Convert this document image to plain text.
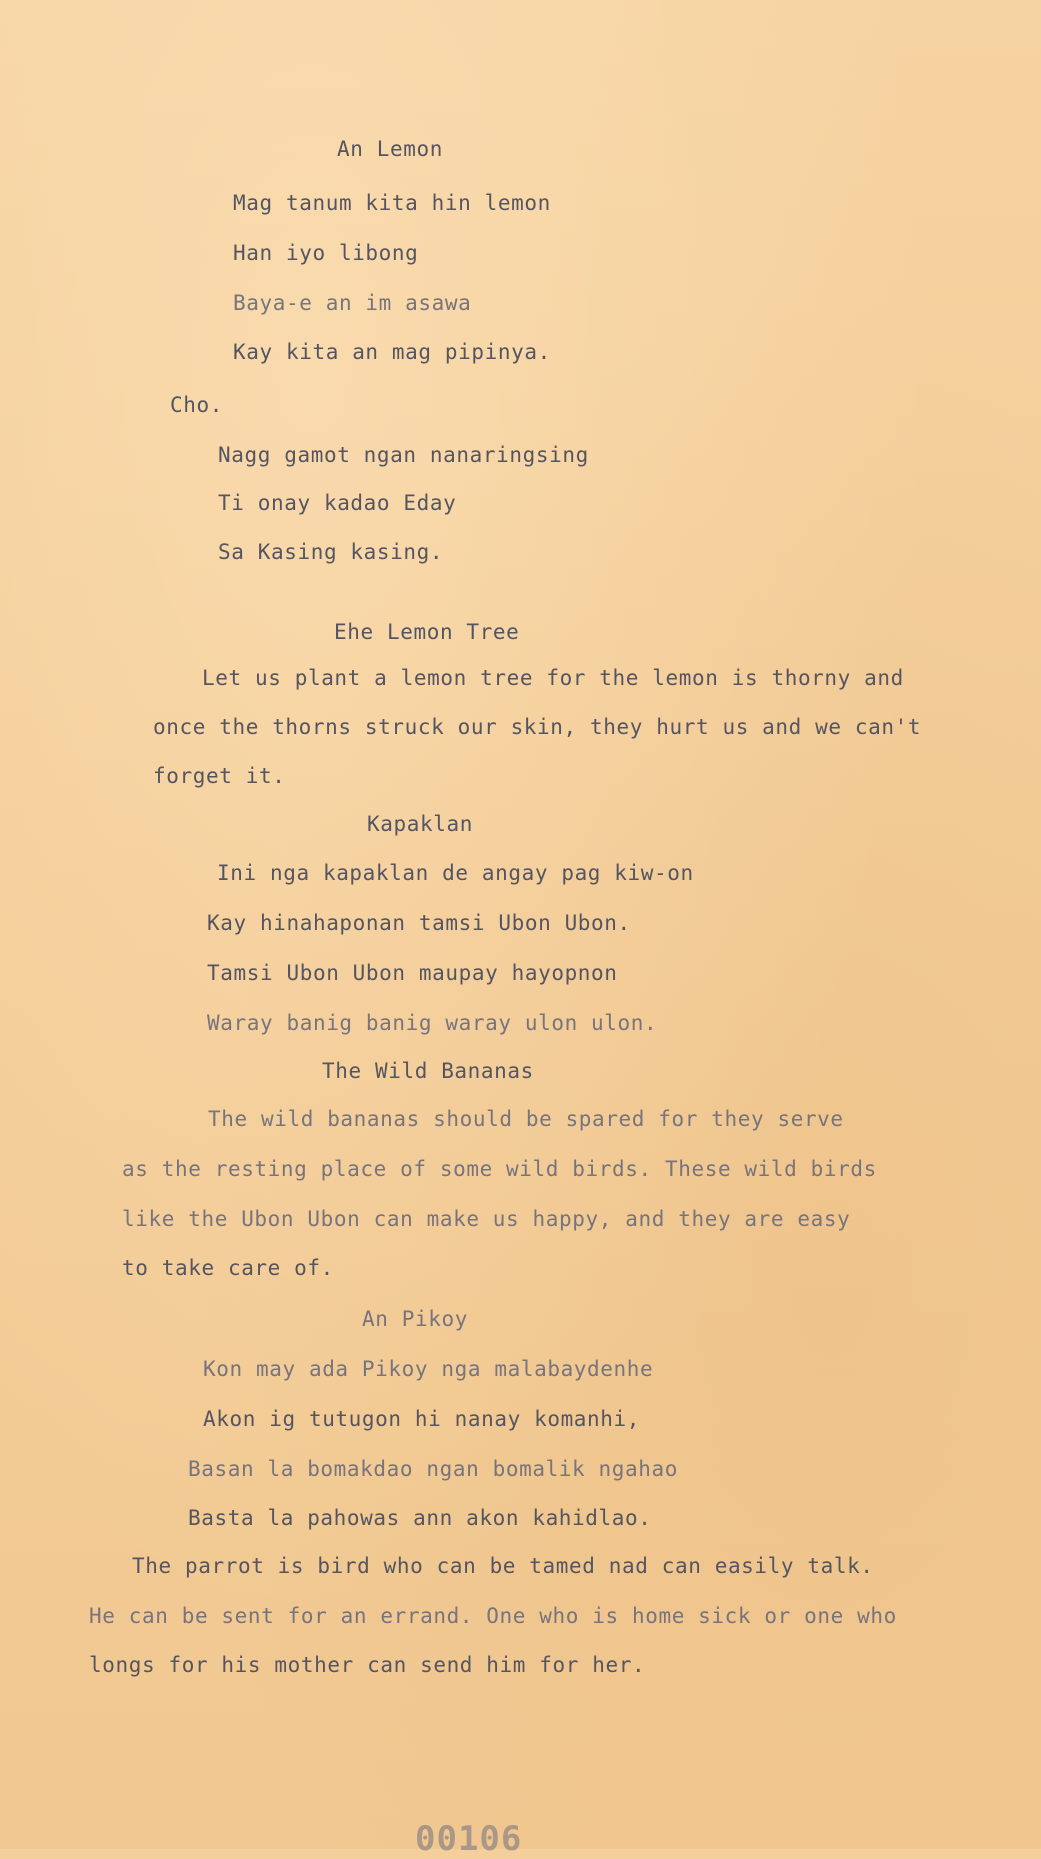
An Lemon
Mag tanum kita hin lemon
Han iyo libong
Baya-e an im asawa
Kay kita an mag pipinya.
Cho.
Nagg gamot ngan nanaringsing
Ti onay kadao Eday
Sa Kasing kasing.
Ehe Lemon Tree
Let us plant a lemon tree for the lemon is thorny and
once the thorns struck our skin, they hurt us and we can't
forget it.
Kapaklan
Ini nga kapaklan de angay pag kiw-on
Kay hinahaponan tamsi Ubon Ubon.
Tamsi Ubon Ubon maupay hayopnon
Waray banig banig waray ulon ulon.
The Wild Bananas
The wild bananas should be spared for they serve
as the resting place of some wild birds. These wild birds
like the Ubon Ubon can make us happy, and they are easy
to take care of.
An Pikoy
Kon may ada Pikoy nga malabaydenhe
Akon ig tutugon hi nanay komanhi,
Basan la bomakdao ngan bomalik ngahao
Basta la pahowas ann akon kahidlao.
The parrot is bird who can be tamed nad can easily talk.
He can be sent for an errand. One who is home sick or one who
longs for his mother can send him for her.
00106
